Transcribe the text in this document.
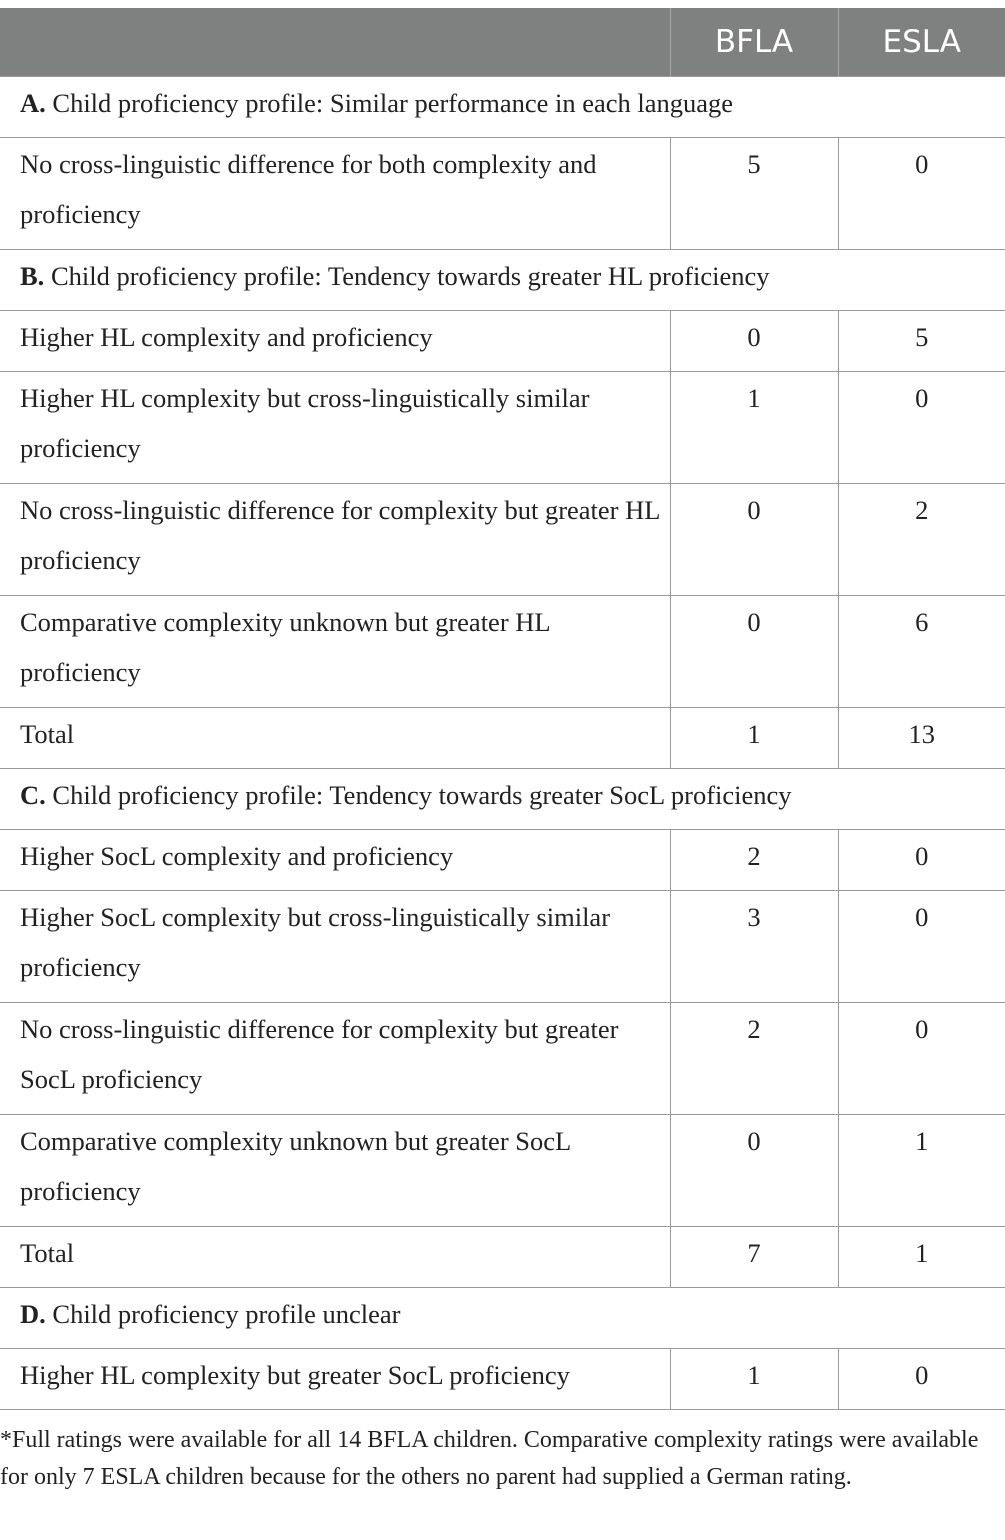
	BFLA	ESLA
A. Child proficiency profile: Similar performance in each language		
No cross-linguistic difference for both complexity and proficiency	5	0
B. Child proficiency profile: Tendency towards greater HL proficiency		
Higher HL complexity and proficiency	0	5
Higher HL complexity but cross-linguistically similar proficiency	1	0
No cross-linguistic difference for complexity but greater HL proficiency	0	2
Comparative complexity unknown but greater HL proficiency	0	6
Total	1	13
C. Child proficiency profile: Tendency towards greater SocL proficiency		
Higher SocL complexity and proficiency	2	0
Higher SocL complexity but cross-linguistically similar proficiency	3	0
No cross-linguistic difference for complexity but greater SocL proficiency	2	0
Comparative complexity unknown but greater SocL proficiency	0	1
Total	7	1
D. Child proficiency profile unclear		
Higher HL complexity but greater SocL proficiency	1	0
*Full ratings were available for all 14 BFLA children. Comparative complexity ratings were available for only 7 ESLA children because for the others no parent had supplied a German rating.
